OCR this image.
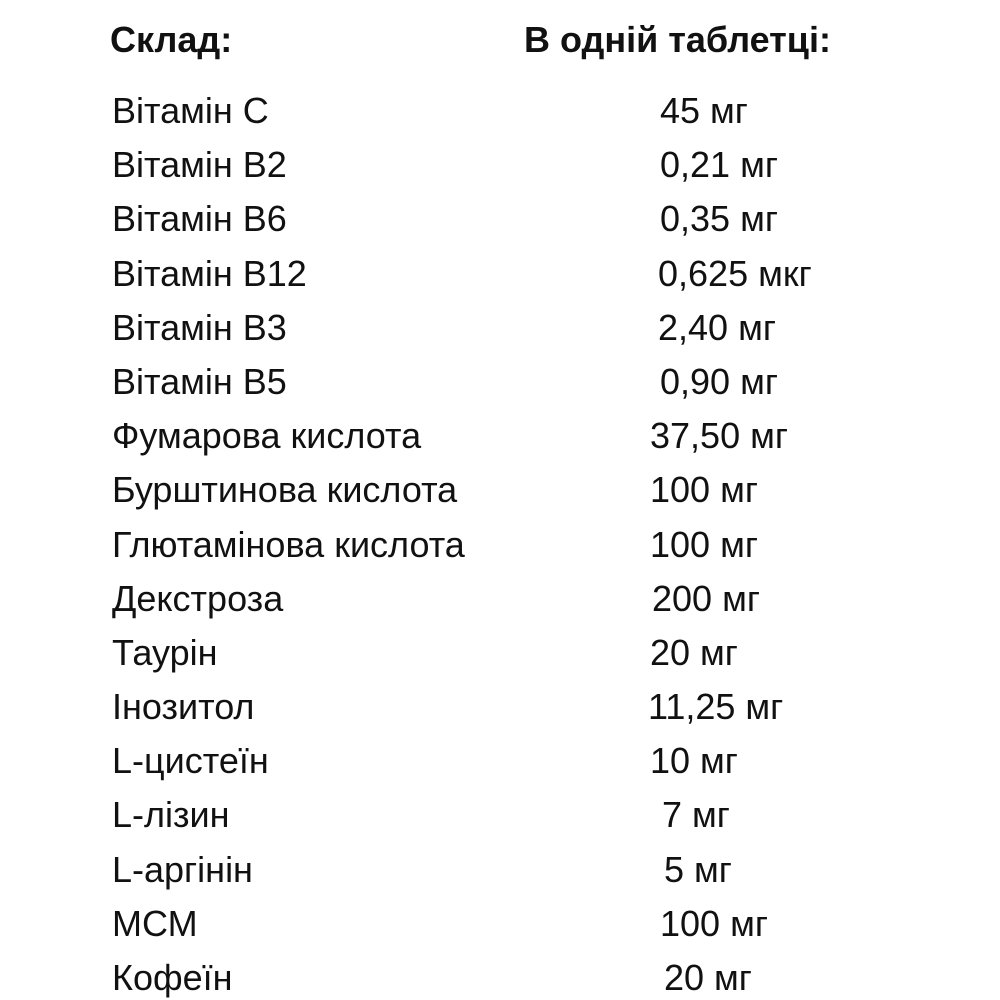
Склад:	В одній таблетці:
Вітамін С	45 мг
Вітамін В2	0,21 мг
Вітамін В6	0,35 мг
Вітамін В12	0,625 мкг
Вітамін В3	2,40 мг
Вітамін В5	0,90 мг
Фумарова кислота	37,50 мг
Бурштинова кислота	100 мг
Глютамінова кислота	100 мг
Декстроза	200 мг
Таурін	20 мг
Інозитол	11,25 мг
L-цистеїн	10 мг
L-лізин	7 мг
L-аргінін	5 мг
МСМ	100 мг
Кофеїн	20 мг
